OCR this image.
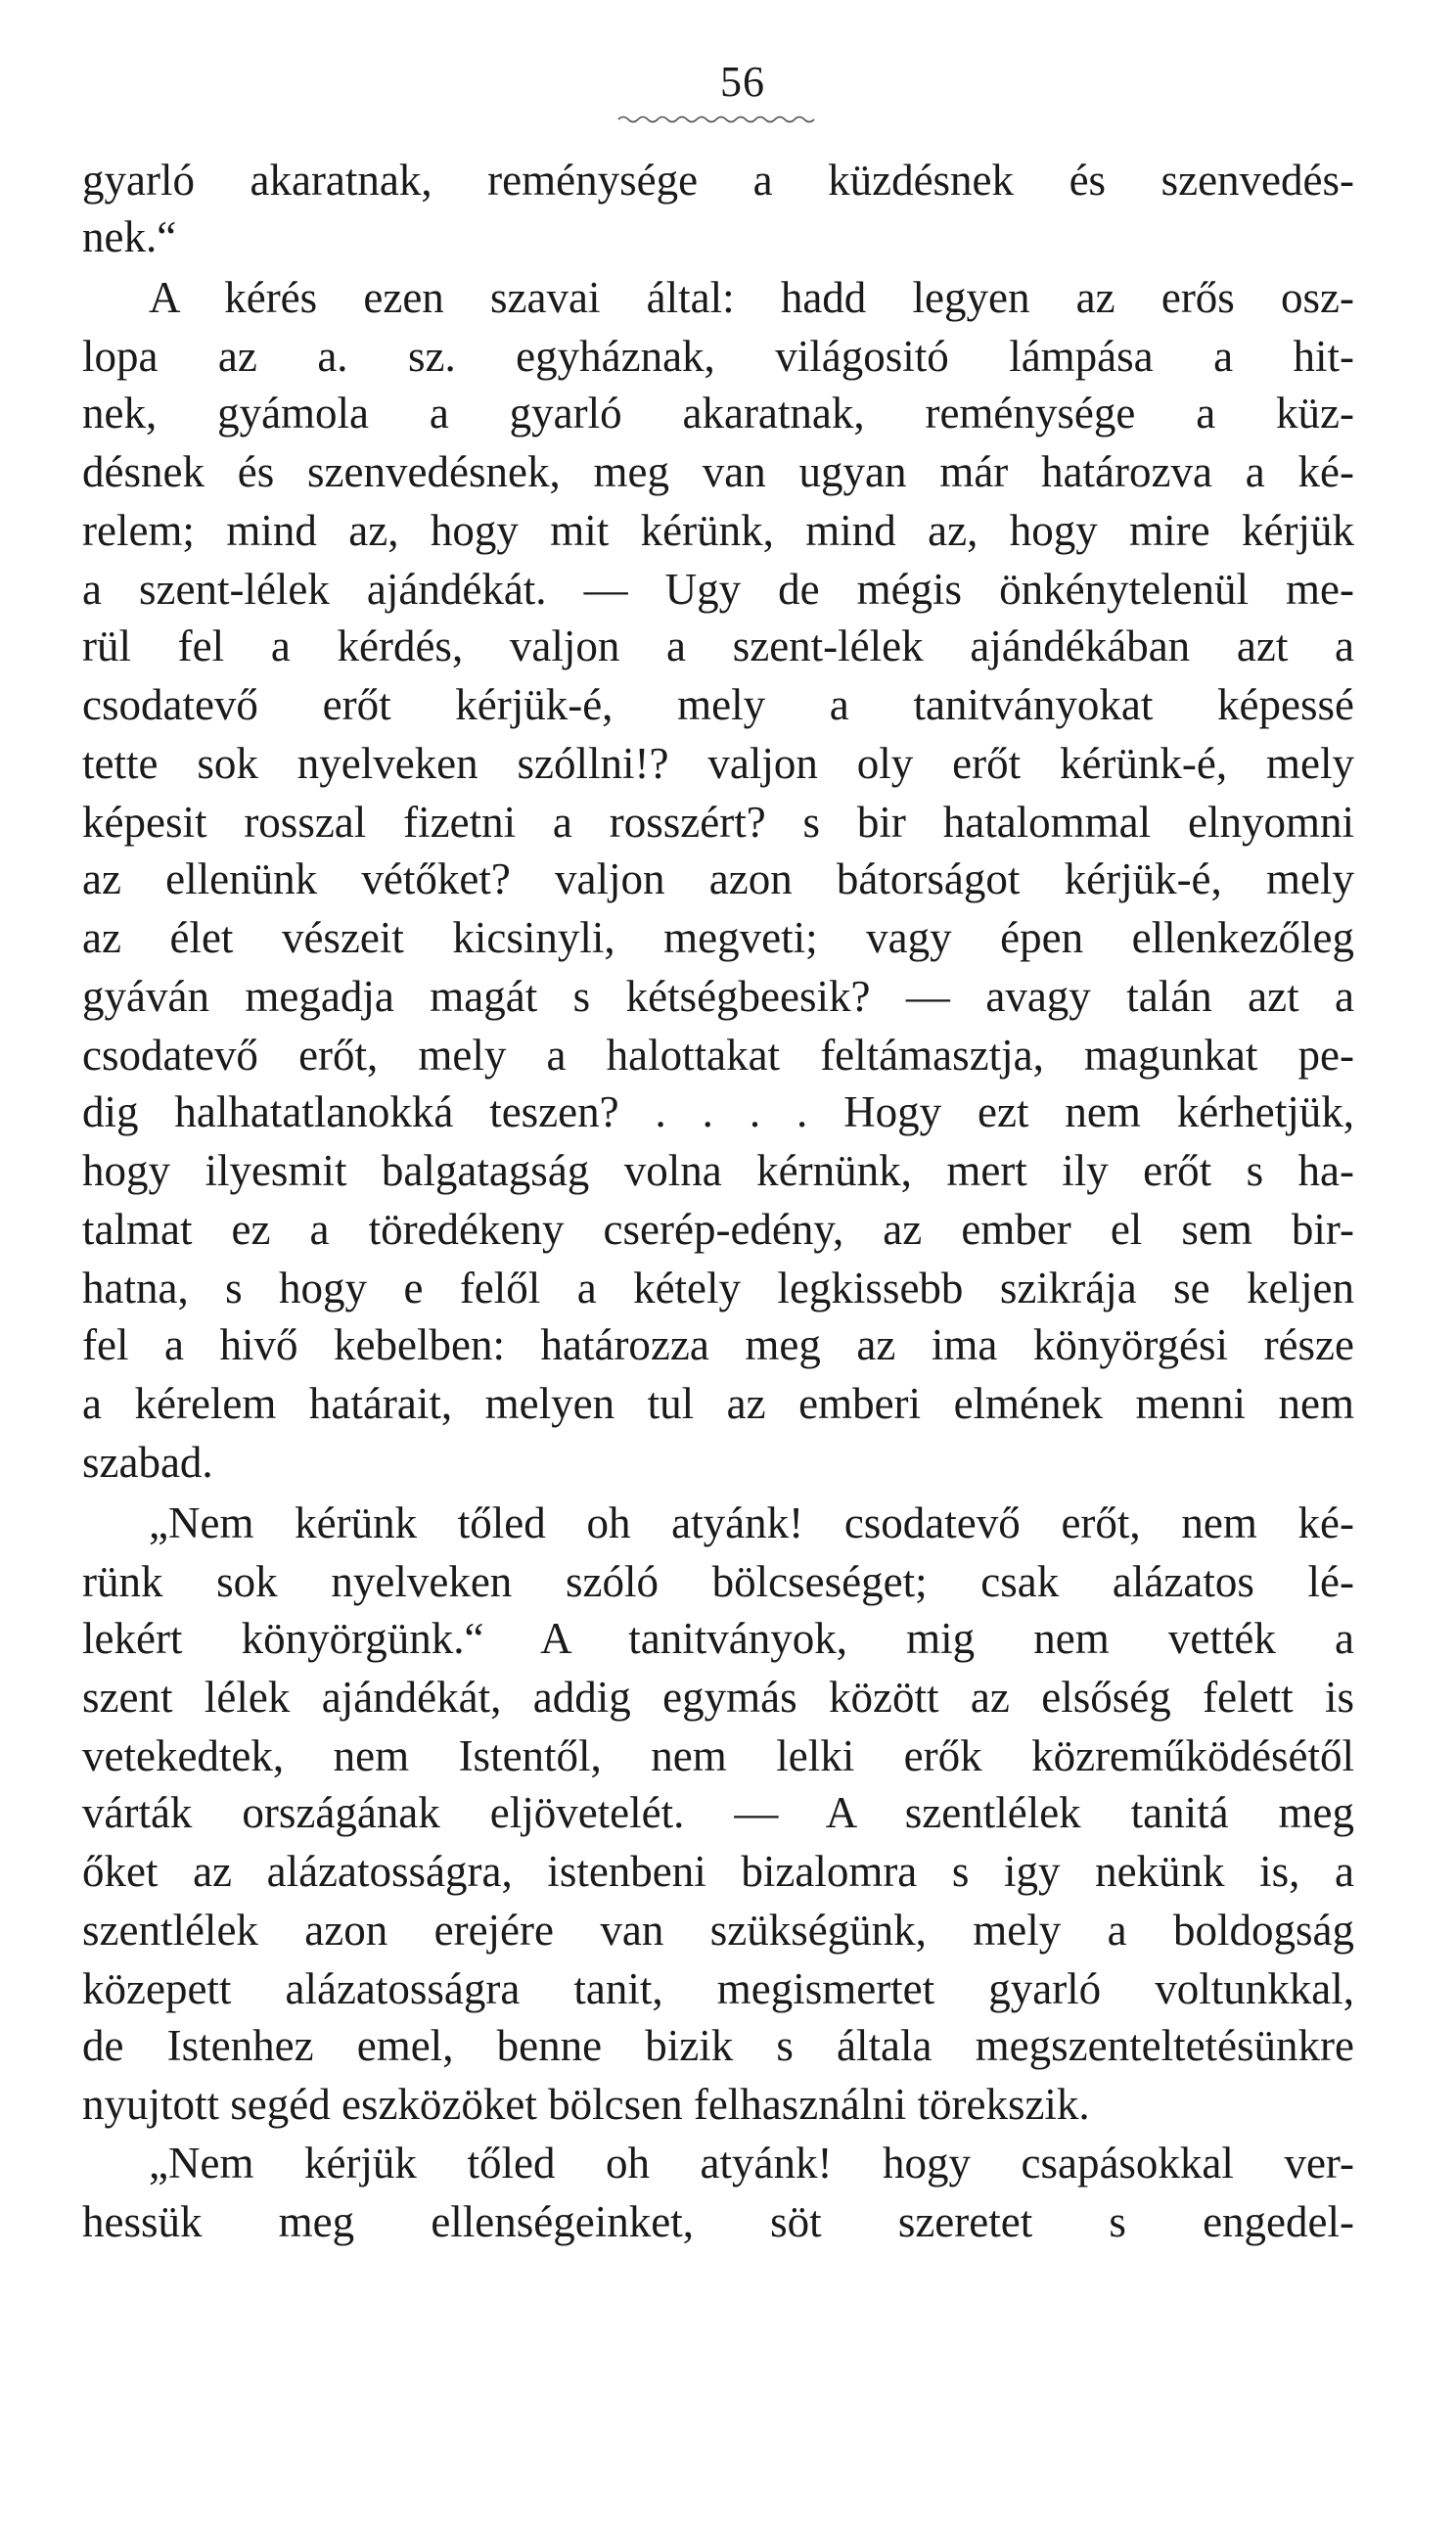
56
gyarló akaratnak, reménysége a küzdésnek és szenvedés-
nek.“
A kérés ezen szavai által: hadd legyen az erős osz-
lopa az a. sz. egyháznak, világositó lámpása a hit-
nek, gyámola a gyarló akaratnak, reménysége a küz-
désnek és szenvedésnek, meg van ugyan már határozva a ké-
relem; mind az, hogy mit kérünk, mind az, hogy mire kérjük
a szent-lélek ajándékát. — Ugy de mégis önkénytelenül me-
rül fel a kérdés, valjon a szent-lélek ajándékában azt a
csodatevő erőt kérjük-é, mely a tanitványokat képessé
tette sok nyelveken szóllni!? valjon oly erőt kérünk-é, mely
képesit rosszal fizetni a rosszért? s bir hatalommal elnyomni
az ellenünk vétőket? valjon azon bátorságot kérjük-é, mely
az élet vészeit kicsinyli, megveti; vagy épen ellenkezőleg
gyáván megadja magát s kétségbeesik? — avagy talán azt a
csodatevő erőt, mely a halottakat feltámasztja, magunkat pe-
dig halhatatlanokká teszen? . . . . Hogy ezt nem kérhetjük,
hogy ilyesmit balgatagság volna kérnünk, mert ily erőt s ha-
talmat ez a töredékeny cserép-edény, az ember el sem bir-
hatna, s hogy e felől a kétely legkissebb szikrája se keljen
fel a hivő kebelben: határozza meg az ima könyörgési része
a kérelem határait, melyen tul az emberi elmének menni nem
szabad.
„Nem kérünk tőled oh atyánk! csodatevő erőt, nem ké-
rünk sok nyelveken szóló bölcseséget; csak alázatos lé-
lekért könyörgünk.“ A tanitványok, mig nem vették a
szent lélek ajándékát, addig egymás között az elsőség felett is
vetekedtek, nem Istentől, nem lelki erők közreműködésétől
várták országának eljövetelét. — A szentlélek tanitá meg
őket az alázatosságra, istenbeni bizalomra s igy nekünk is, a
szentlélek azon erejére van szükségünk, mely a boldogság
közepett alázatosságra tanit, megismertet gyarló voltunkkal,
de Istenhez emel, benne bizik s általa megszenteltetésünkre
nyujtott segéd eszközöket bölcsen felhasználni törekszik.
„Nem kérjük tőled oh atyánk! hogy csapásokkal ver-
hessük meg ellenségeinket, söt szeretet s engedel-
